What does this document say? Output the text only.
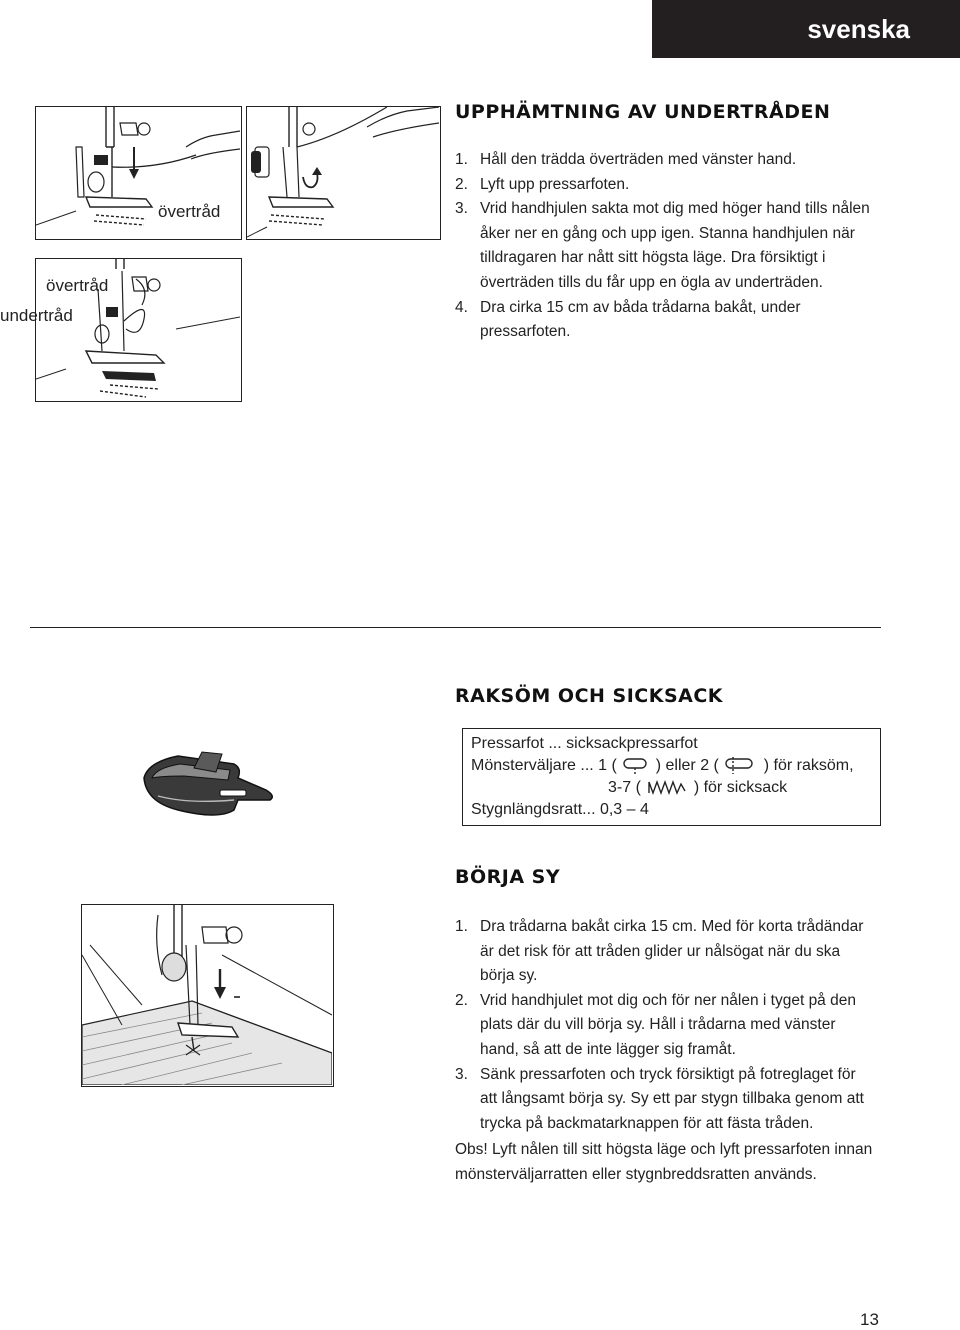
svenska
övertråd
övertråd
undertråd
UPPHÄMTNING AV UNDERTRÅDEN
1. Håll den trädda överträden med vänster hand.
2. Lyft upp pressarfoten.
3. Vrid handhjulen sakta mot dig med höger hand tills nålen åker ner en gång och upp igen. Stanna handhjulen när tilldragaren har nått sitt högsta läge. Dra försiktigt i överträden tills du får upp en ögla av underträden.
4. Dra cirka 15 cm av båda trådarna bakåt, under pressarfoten.
RAKSÖM OCH SICKSACK
Pressarfot ... sicksackpressarfot
Mönsterväljare ... 1 ( ) eller 2 (	) för raksöm,
3-7 (	) för sicksack
Stygnlängdsratt... 0,3 – 4
BÖRJA SY
1. Dra trådarna bakåt cirka 15 cm. Med för korta trådändar är det risk för att tråden glider ur nålsögat när du ska börja sy.
2. Vrid handhjulet mot dig och för ner nålen i tyget på den plats där du vill börja sy. Håll i trådarna med vänster hand, så att de inte lägger sig framåt.
3. Sänk pressarfoten och tryck försiktigt på fotreglaget för att långsamt börja sy. Sy ett par stygn tillbaka genom att trycka på backmatarknappen för att fästa tråden.
Obs! Lyft nålen till sitt högsta läge och lyft pressarfoten innan mönsterväljarratten eller stygnbreddsratten används.
13
